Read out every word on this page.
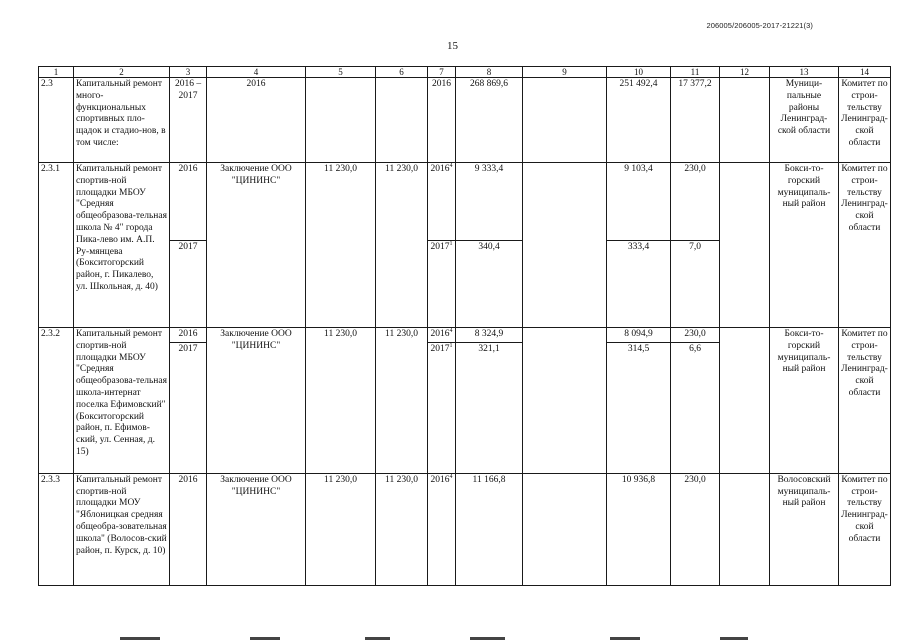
206005/206005-2017-21221(3)
15
1	2	3	4	5	6	7	8	9	10	11	12	13	14
2.3	Капитальный ремонт много-функциональных спортивных пло-щадок и стадио-нов, в том числе:	2016 – 2017	2016			2016	268 869,6		251 492,4	17 377,2		Муници-пальные районы Ленинград-ской области	Комитет по строи-тельству Ленинград-ской области
2.3.1	Капитальный ремонт спортив-ной площадки МБОУ "Средняя общеобразова-тельная школа № 4" города Пика-лево им. А.П. Ру-мянцева (Бокситогорский район, г. Пикалево, ул. Школьная, д. 40)	2016	Заключение ООО "ЦИНИНС"	11 230,0	11 230,0	2016$^4$	9 333,4		9 103,4	230,0		Бокси-то-горский муниципаль-ный район	Комитет по строи-тельству Ленинград-ской области
		2017				2017$^1$	340,4		333,4	7,0			
2.3.2	Капитальный ремонт спортив-ной площадки МБОУ "Средняя общеобразова-тельная школа-интернат поселка Ефимовский" (Бокситогорский район, п. Ефимов-ский, ул. Сенная, д. 15)	2016	Заключение ООО "ЦИНИНС"	11 230,0	11 230,0	2016$^4$	8 324,9		8 094,9	230,0		Бокси-то-горский муниципаль-ный район	Комитет по строи-тельству Ленинград-ской области
		2017				2017$^1$	321,1		314,5	6,6			
2.3.3	Капитальный ремонт спортив-ной площадки МОУ "Яблоницкая средняя общеобра-зовательная школа" (Волосов-ский район, п. Курск, д. 10)	2016	Заключение ООО "ЦИНИНС"	11 230,0	11 230,0	2016$^4$	11 166,8		10 936,8	230,0		Волосовский муниципаль-ный район	Комитет по строи-тельству Ленинград-ской области
